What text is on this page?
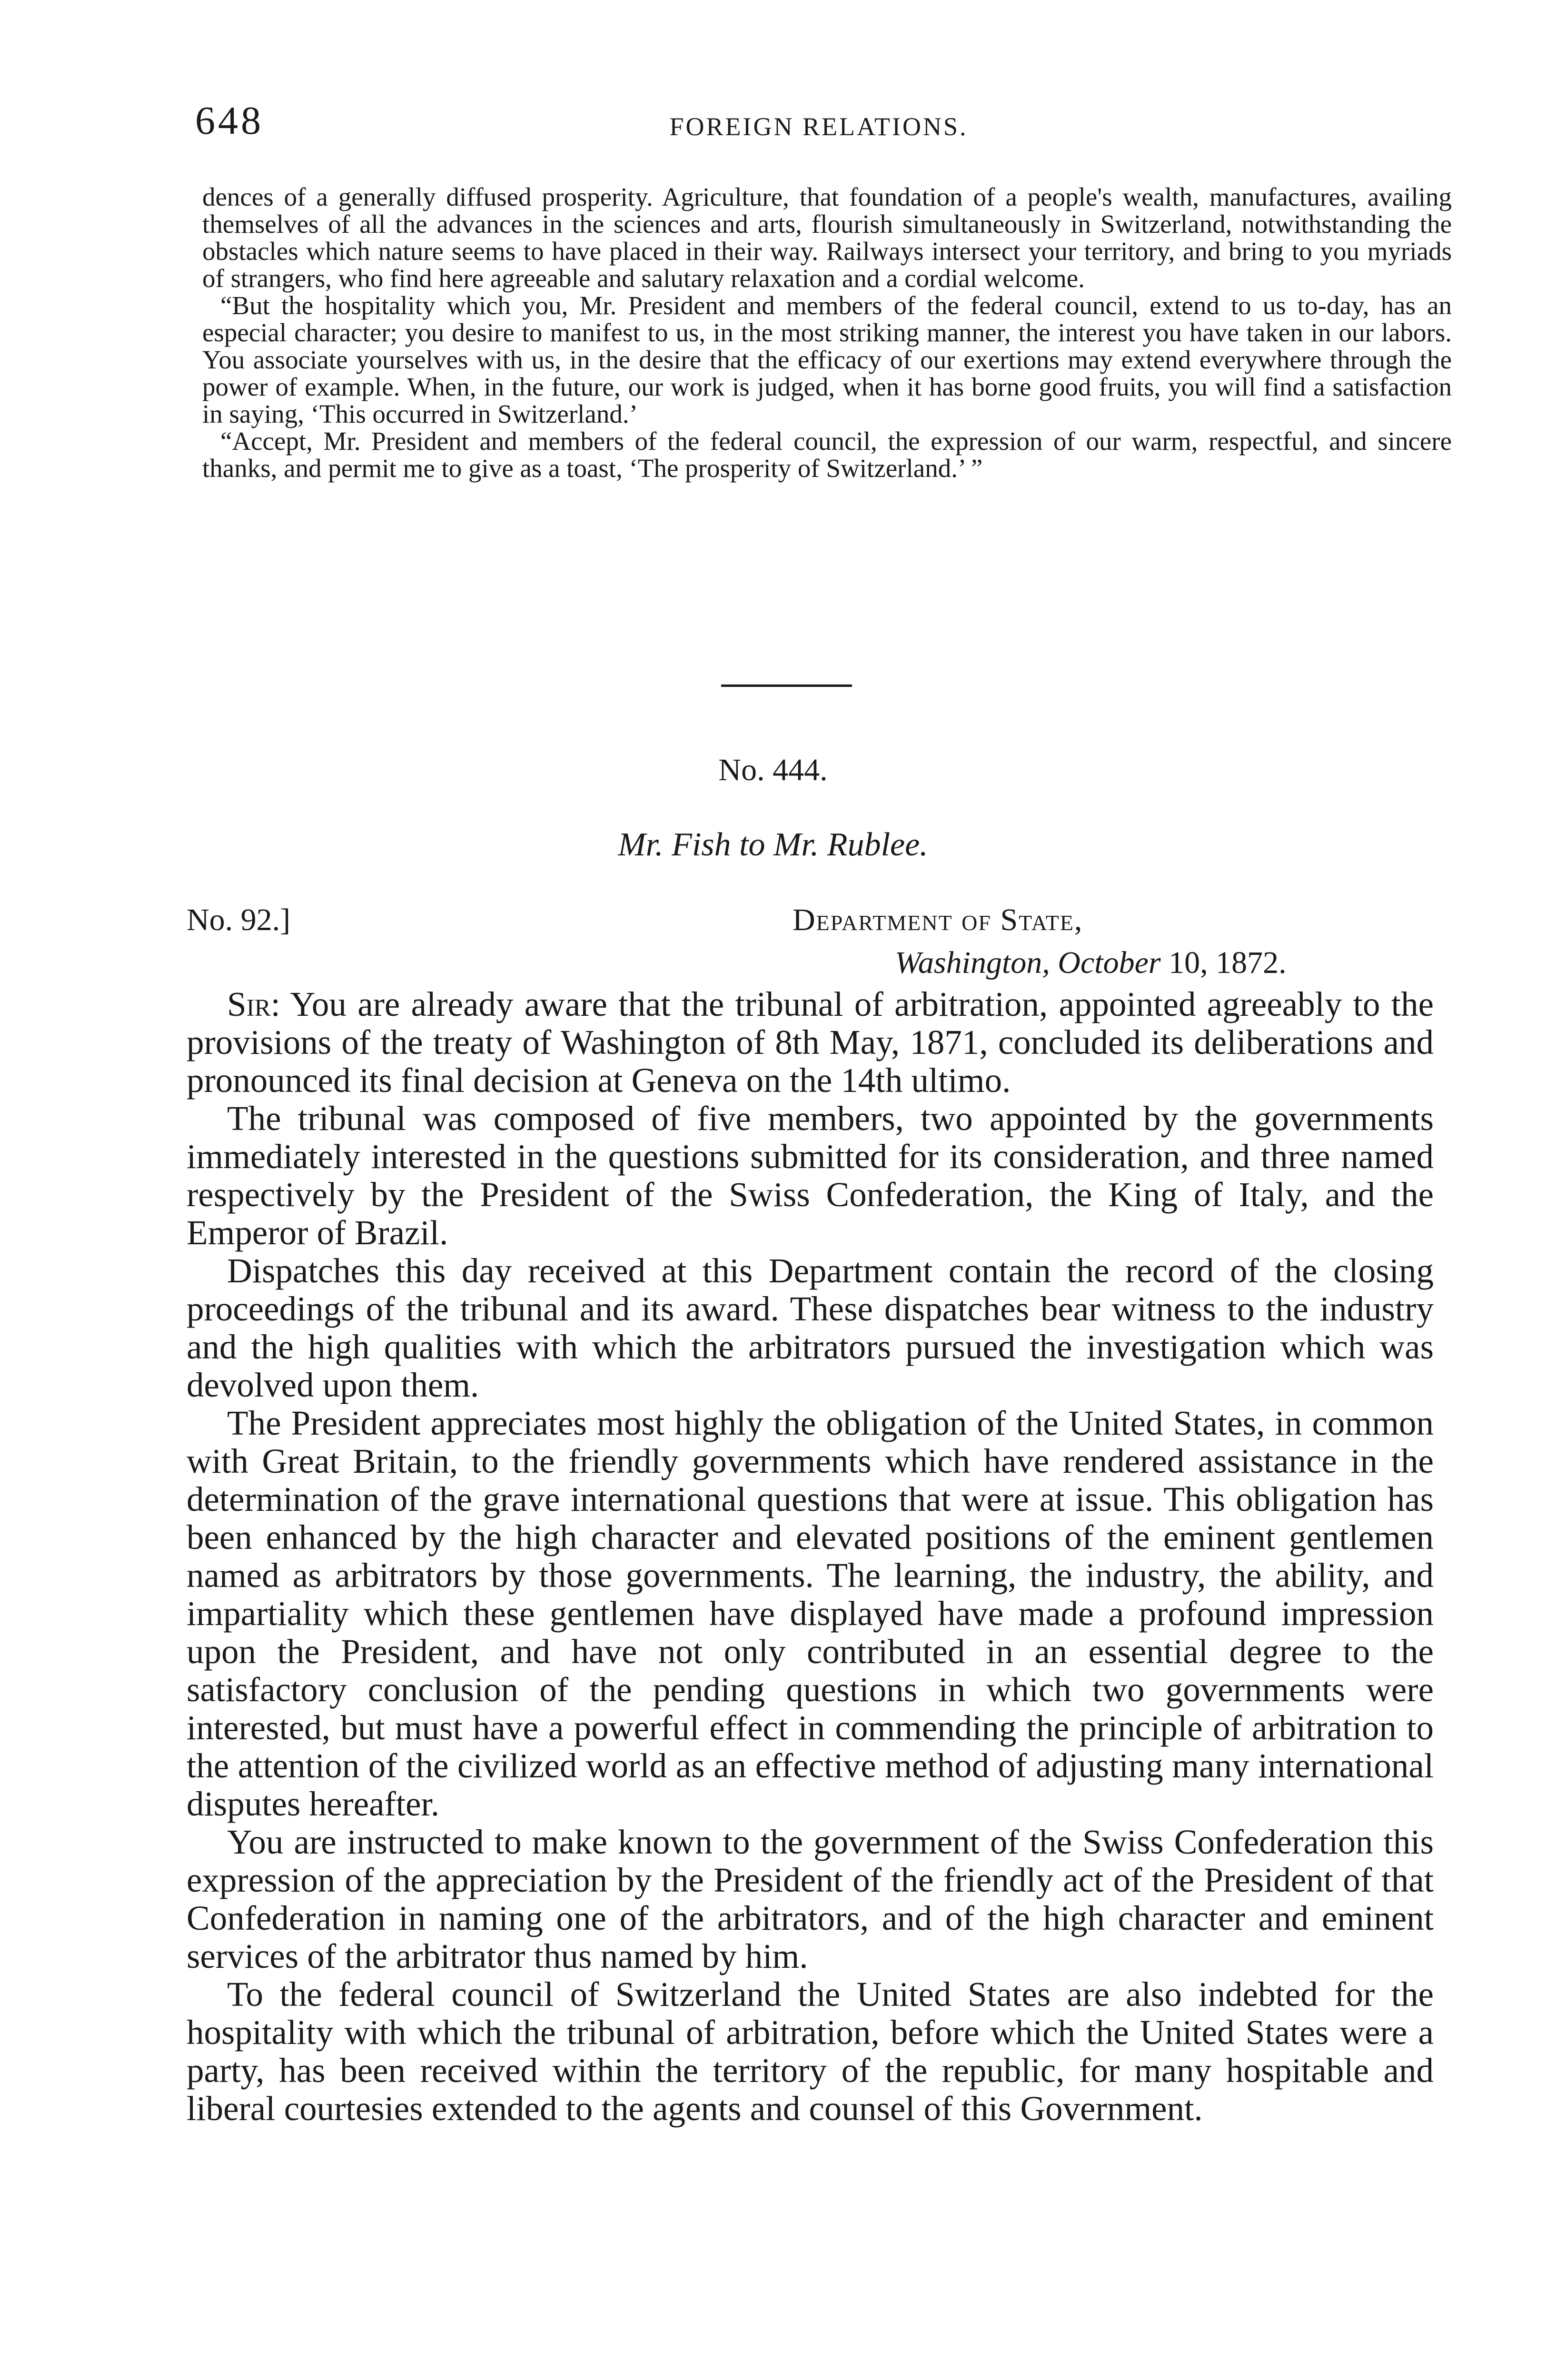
648	FOREIGN RELATIONS.

dences of a generally diffused prosperity. Agriculture, that foundation of a people's wealth, manufactures, availing themselves of all the advances in the sciences and arts, flourish simultaneously in Switzerland, notwithstanding the obstacles which nature seems to have placed in their way. Railways intersect your territory, and bring to you myriads of strangers, who find here agreeable and salutary relaxation and a cordial welcome.

“But the hospitality which you, Mr. President and members of the federal council, extend to us to-day, has an especial character; you desire to manifest to us, in the most striking manner, the interest you have taken in our labors. You associate yourselves with us, in the desire that the efficacy of our exertions may extend everywhere through the power of example. When, in the future, our work is judged, when it has borne good fruits, you will find a satisfaction in saying, ‘This occurred in Switzerland.’

“Accept, Mr. President and members of the federal council, the expression of our warm, respectful, and sincere thanks, and permit me to give as a toast, ‘The prosperity of Switzerland.’ ”

No. 444.
Mr. Fish to Mr. Rublee.
No. 92.]	Department of State,
Washington, October 10, 1872.

Sir: You are already aware that the tribunal of arbitration, appointed agreeably to the provisions of the treaty of Washington of 8th May, 1871, concluded its deliberations and pronounced its final decision at Geneva on the 14th ultimo.

The tribunal was composed of five members, two appointed by the governments immediately interested in the questions submitted for its consideration, and three named respectively by the President of the Swiss Confederation, the King of Italy, and the Emperor of Brazil.

Dispatches this day received at this Department contain the record of the closing proceedings of the tribunal and its award. These dispatches bear witness to the industry and the high qualities with which the arbitrators pursued the investigation which was devolved upon them.

The President appreciates most highly the obligation of the United States, in common with Great Britain, to the friendly governments which have rendered assistance in the determination of the grave international questions that were at issue. This obligation has been enhanced by the high character and elevated positions of the eminent gentlemen named as arbitrators by those governments. The learning, the industry, the ability, and impartiality which these gentlemen have displayed have made a profound impression upon the President, and have not only contributed in an essential degree to the satisfactory conclusion of the pending questions in which two governments were interested, but must have a powerful effect in commending the principle of arbitration to the attention of the civilized world as an effective method of adjusting many international disputes hereafter.

You are instructed to make known to the government of the Swiss Confederation this expression of the appreciation by the President of the friendly act of the President of that Confederation in naming one of the arbitrators, and of the high character and eminent services of the arbitrator thus named by him.

To the federal council of Switzerland the United States are also indebted for the hospitality with which the tribunal of arbitration, before which the United States were a party, has been received within the territory of the republic, for many hospitable and liberal courtesies extended to the agents and counsel of this Government.
